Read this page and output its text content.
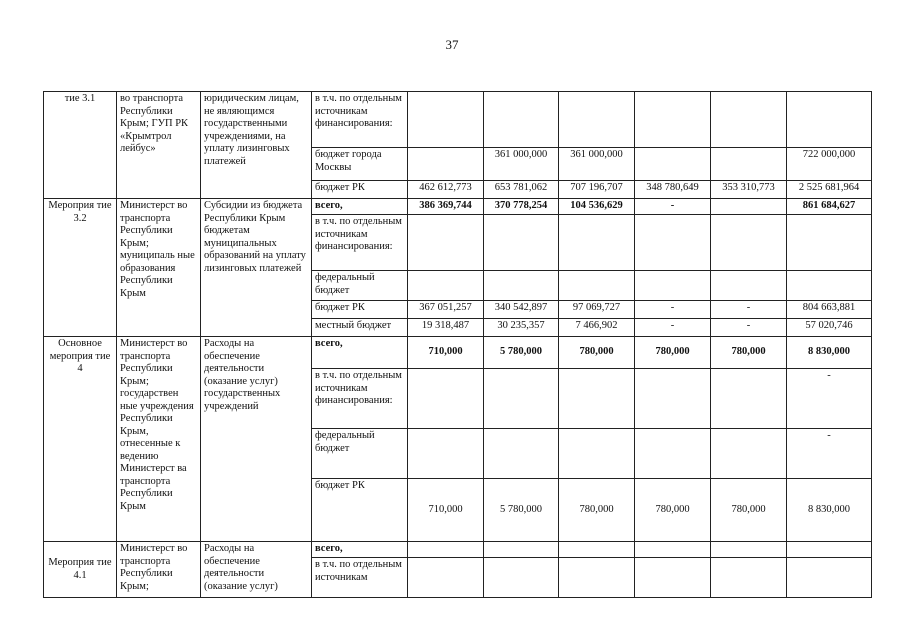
37
тие 3.1	во транспорта Республики Крым; ГУП РК «Крымтрол лейбус»	юридическим лицам, не являющимся государственными учреждениями, на уплату лизинговых платежей	в т.ч. по отдельным источникам финансирования:						
			бюджет города Москвы		361 000,000	361 000,000			722 000,000
			бюджет РК	462 612,773	653 781,062	707 196,707	348 780,649	353 310,773	2 525 681,964
Мероприя тие 3.2	Министерст во транспорта Республики Крым; муниципаль ные образования Республики Крым	Субсидии из бюджета Республики Крым бюджетам муниципальных образований на уплату лизинговых платежей	всего,	386 369,744	370 778,254	104 536,629	-		861 684,627
			в т.ч. по отдельным источникам финансирования:						
			федеральный бюджет						
			бюджет РК	367 051,257	340 542,897	97 069,727	-	-	804 663,881
			местный бюджет	19 318,487	30 235,357	7 466,902	-	-	57 020,746
Основное мероприя тие 4	Министерст во транспорта Республики Крым; государствен ные учреждения Республики Крым, отнесенные к ведению Министерст ва транспорта Республики Крым	Расходы на обеспечение деятельности (оказание услуг) государственных учреждений	всего,	710,000	5 780,000	780,000	780,000	780,000	8 830,000
			в т.ч. по отдельным источникам финансирования:						-
			федеральный бюджет						-
			бюджет РК	710,000	5 780,000	780,000	780,000	780,000	8 830,000
Мероприя тие 4.1	Министерст во транспорта Республики Крым;	Расходы на обеспечение деятельности (оказание услуг)	всего,						
			в т.ч. по отдельным источникам						
